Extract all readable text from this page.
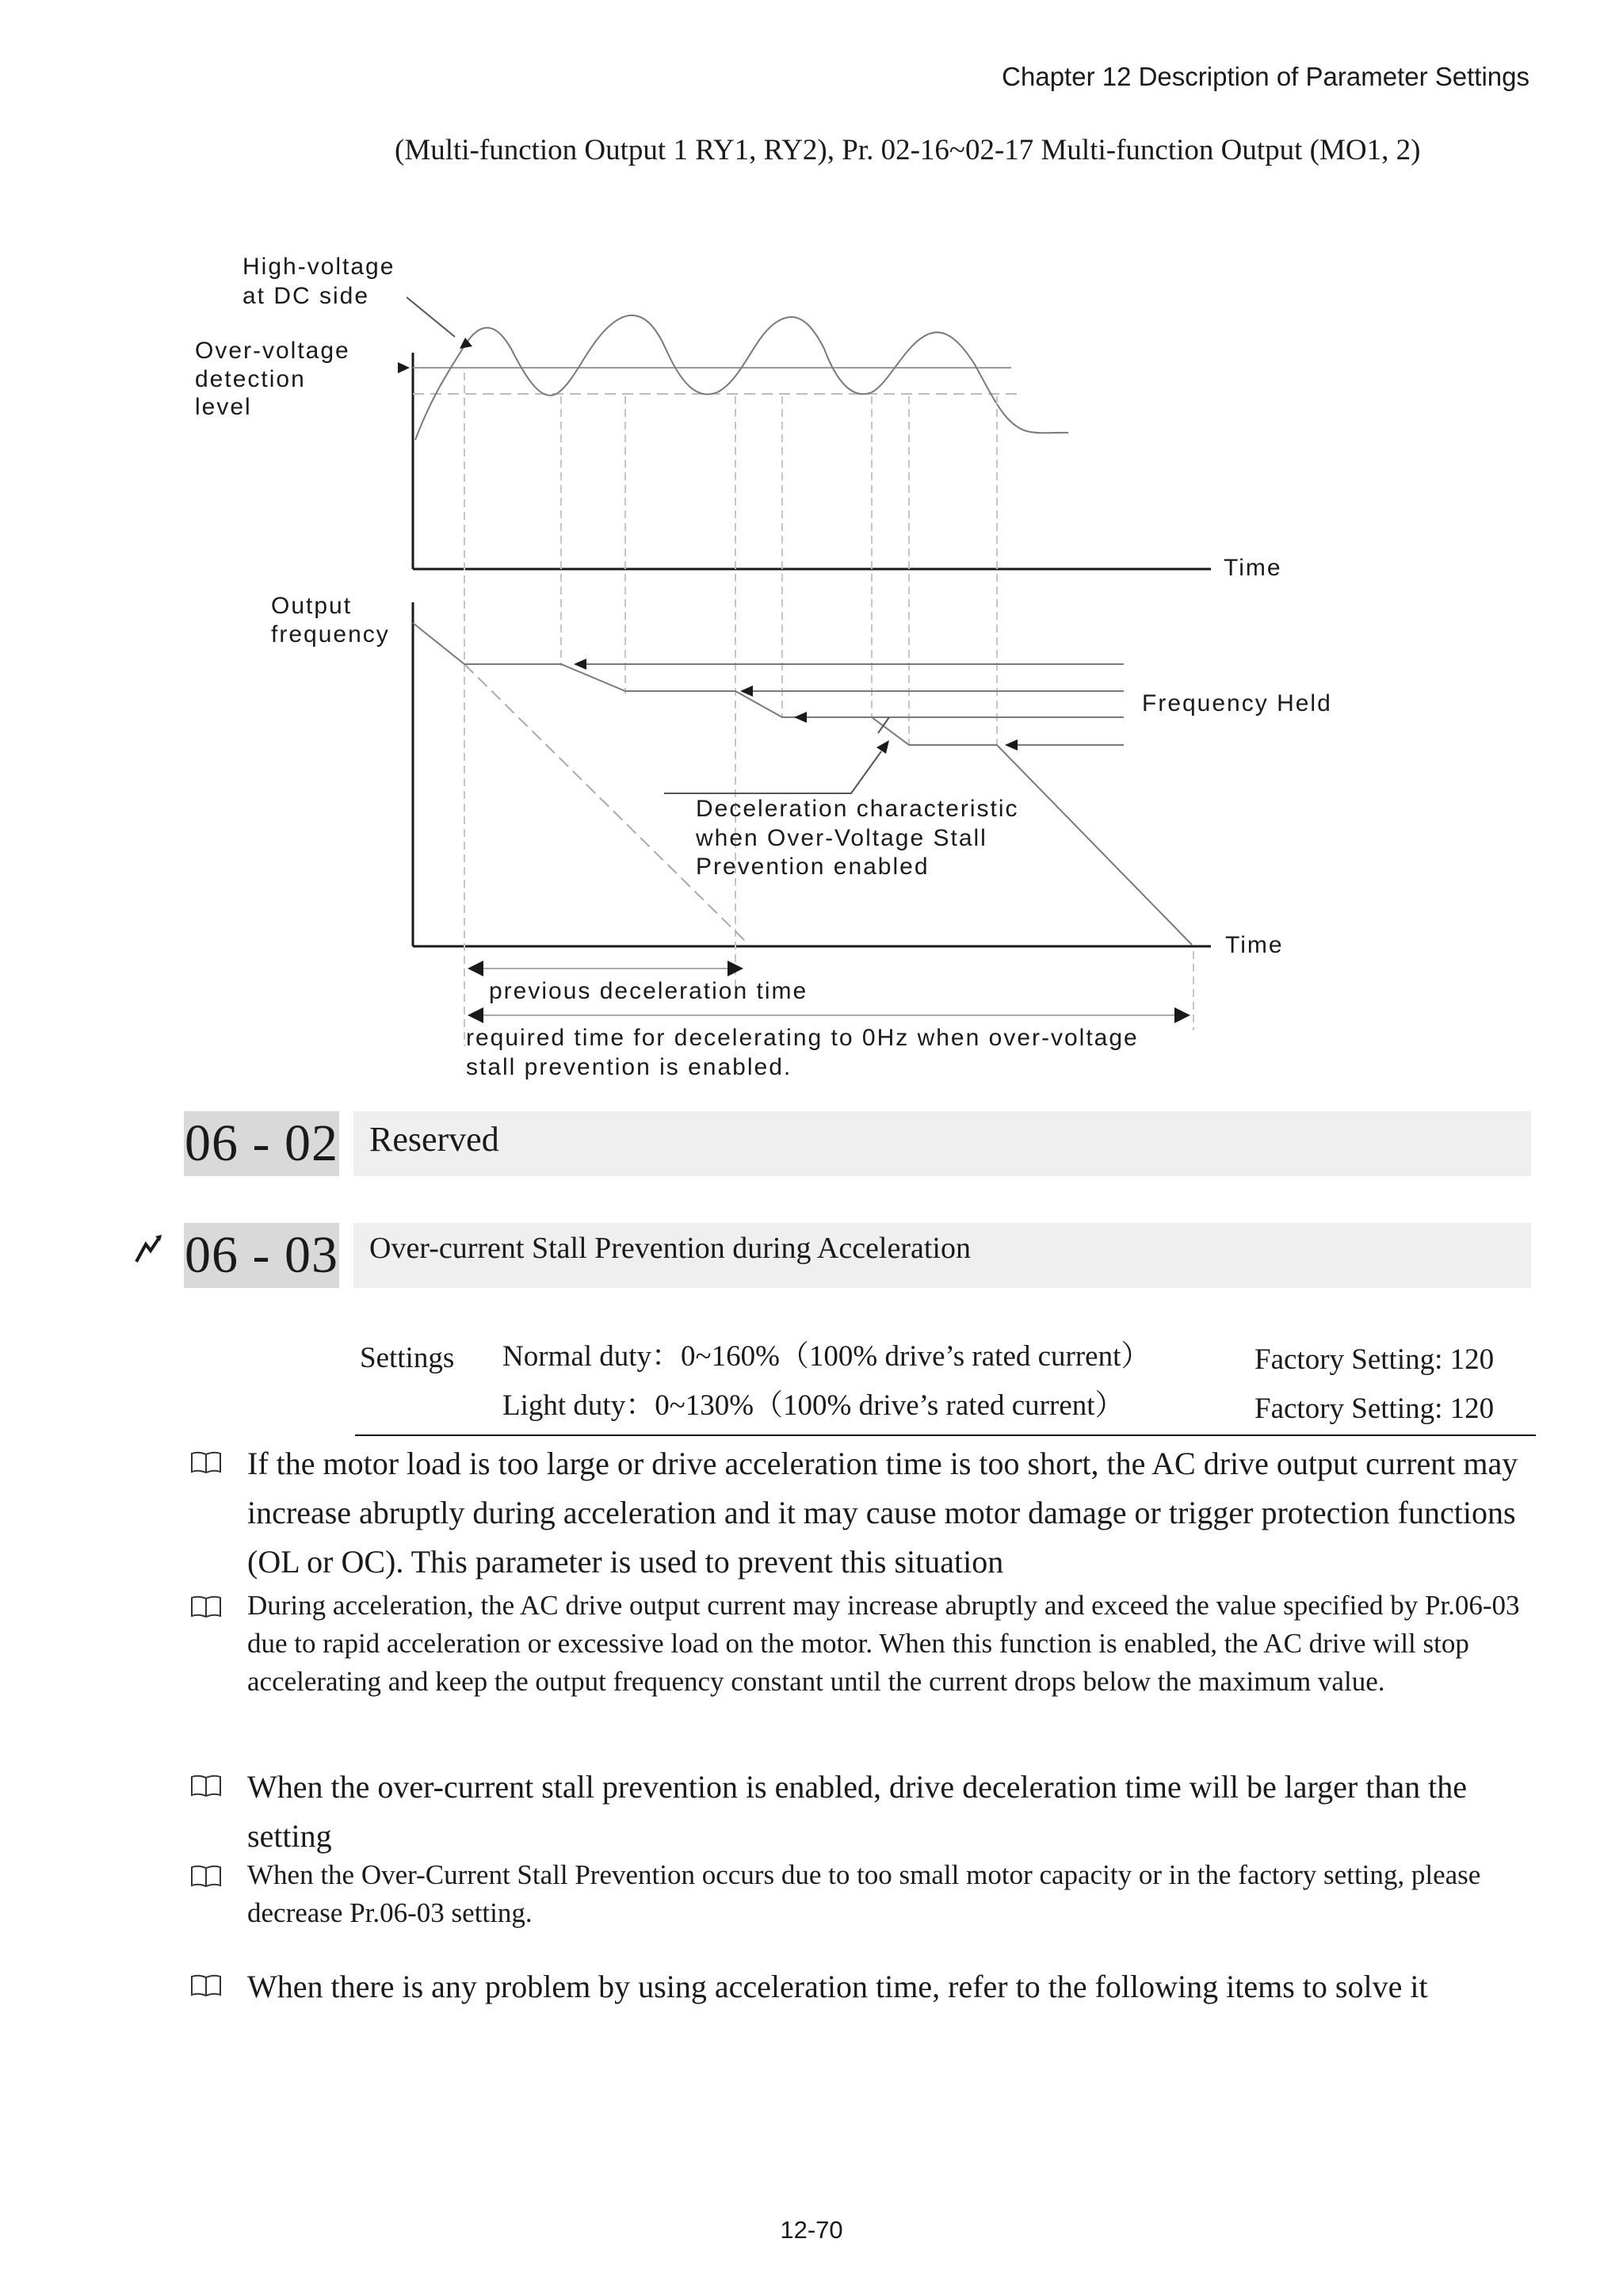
Chapter 12 Description of Parameter Settings
(Multi-function Output 1 RY1, RY2), Pr. 02-16~02-17 Multi-function Output (MO1, 2)
High-voltage
at DC side
Over-voltage
detection
level
Time
Output
frequency
Frequency Held
Deceleration characteristic
when Over-Voltage Stall
Prevention enabled
Time
previous deceleration time
required time for decelerating to 0Hz when over-voltage
stall prevention is enabled.
06 - 02 Reserved
06 - 03	Over-current Stall Prevention during Acceleration
Settings Normal duty：0~160%（100% drive’s rated current）	Factory Setting: 120
Light duty：0~130%（100% drive’s rated current）	Factory Setting: 120
If the motor load is too large or drive acceleration time is too short, the AC drive output current may increase abruptly during acceleration and it may cause motor damage or trigger protection functions (OL or OC). This parameter is used to prevent this situation
During acceleration, the AC drive output current may increase abruptly and exceed the value specified by Pr.06-03 due to rapid acceleration or excessive load on the motor. When this function is enabled, the AC drive will stop accelerating and keep the output frequency constant until the current drops below the maximum value.
When the over-current stall prevention is enabled, drive deceleration time will be larger than the setting
When the Over-Current Stall Prevention occurs due to too small motor capacity or in the factory setting, please decrease Pr.06-03 setting.
When there is any problem by using acceleration time, refer to the following items to solve it
12-70
